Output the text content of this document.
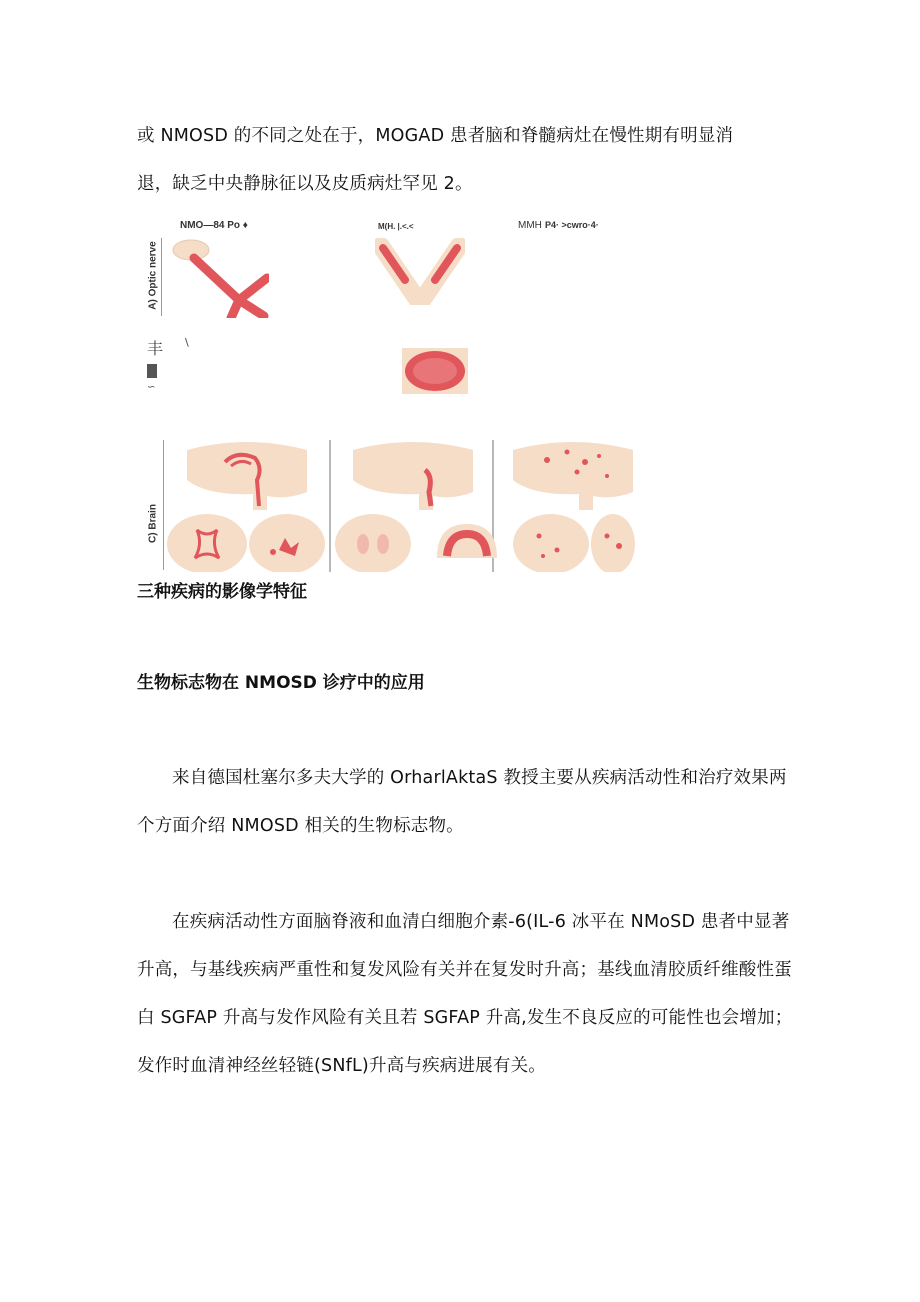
或 NMOSD 的不同之处在于，MOGAD 患者脑和脊髓病灶在慢性期有明显消
退，缺乏中央静脉征以及皮质病灶罕见 2。

NMO—84 Po ♦	M(H. |.<.<	MMH P4· >cwro·4·
A) Optic nerve
丰 \
∽
C) Brain

三种疾病的影像学特征

生物标志物在 NMOSD 诊疗中的应用

来自德国杜塞尔多夫大学的 OrharlAktaS 教授主要从疾病活动性和治疗效果两个方面介绍 NMOSD 相关的生物标志物。

在疾病活动性方面脑脊液和血清白细胞介素-6(IL-6 冰平在 NMoSD 患者中显著升高，与基线疾病严重性和复发风险有关并在复发时升高；基线血清胶质纤维酸性蛋白 SGFAP 升高与发作风险有关且若 SGFAP 升高,发生不良反应的可能性也会增加；发作时血清神经丝轻链(SNfL)升高与疾病进展有关。
